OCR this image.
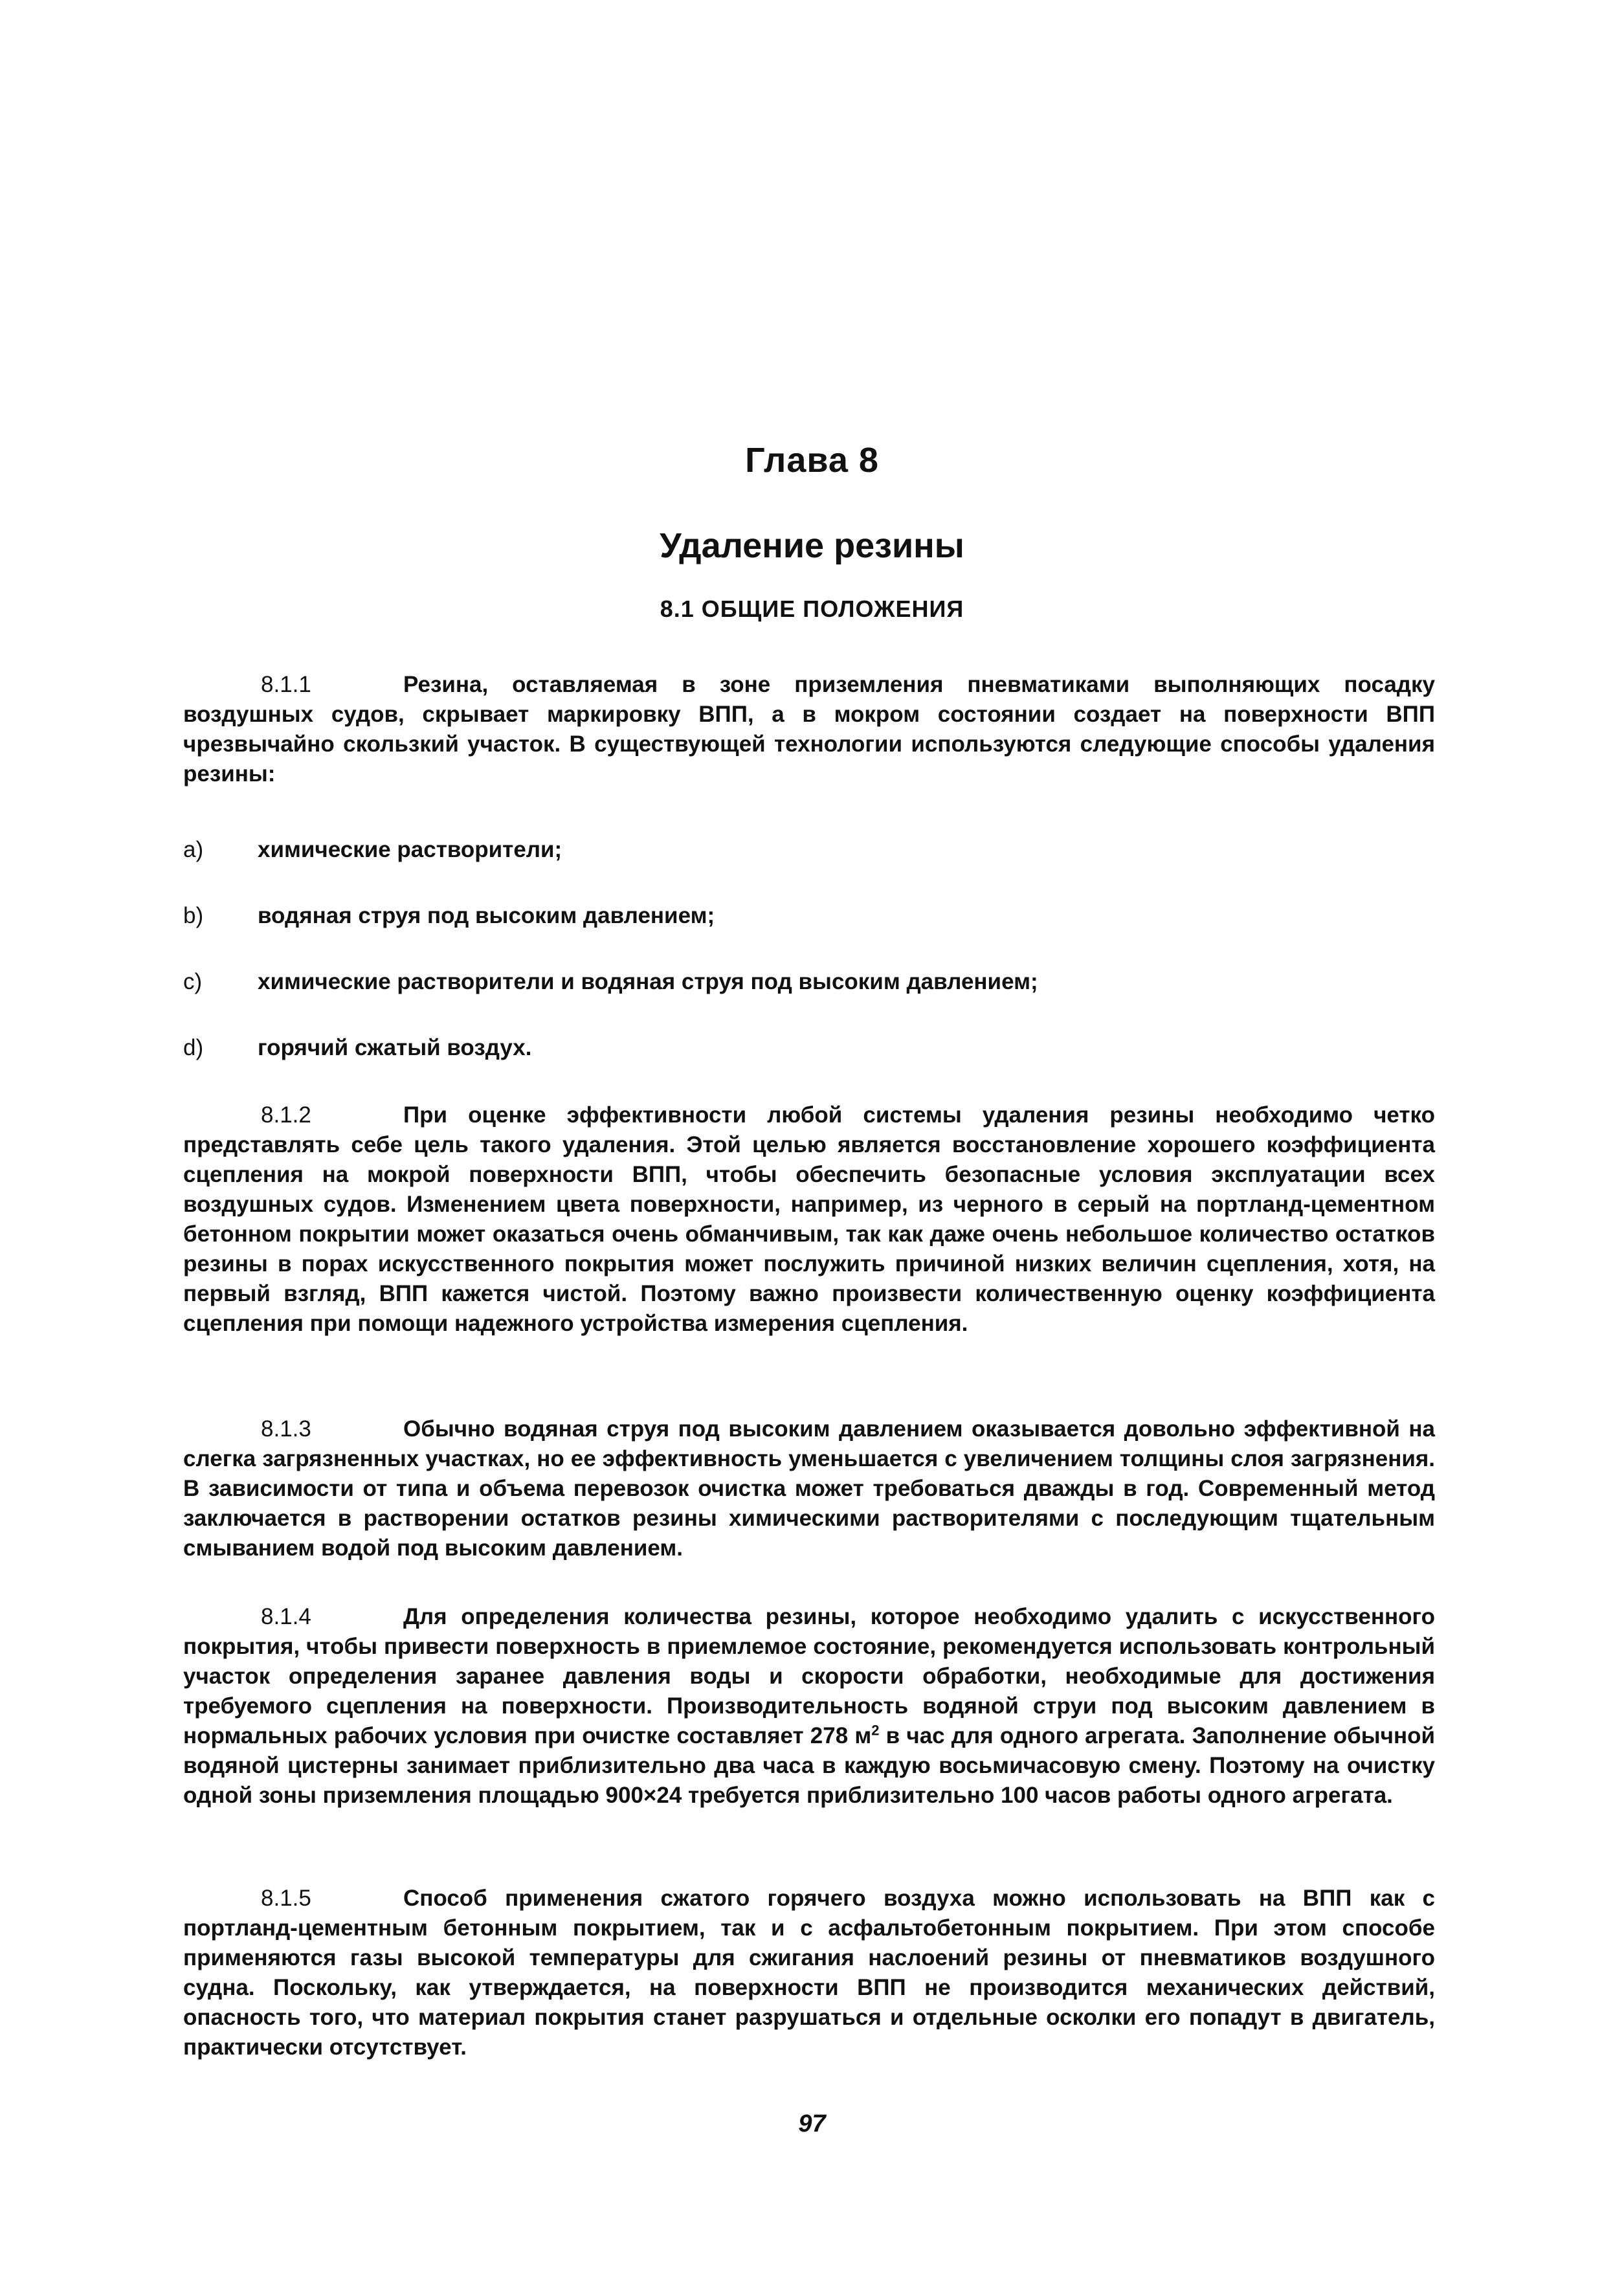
Глава 8
Удаление резины
8.1 ОБЩИЕ ПОЛОЖЕНИЯ
8.1.1	Резина, оставляемая в зоне приземления пневматиками выполняющих посадку воздушных судов, скрывает маркировку ВПП, а в мокром состоянии создает на поверхности ВПП чрезвычайно скользкий участок. В существующей технологии используются следующие способы удаления резины:
a) химические растворители;
b) водяная струя под высоким давлением;
c) химические растворители и водяная струя под высоким давлением;
d) горячий сжатый воздух.
8.1.2	При оценке эффективности любой системы удаления резины необходимо четко представлять себе цель такого удаления. Этой целью является восстановление хорошего коэффициента сцепления на мокрой поверхности ВПП, чтобы обеспечить безопасные условия эксплуатации всех воздушных судов. Изменением цвета поверхности, например, из черного в серый на портланд-цементном бетонном покрытии может оказаться очень обманчивым, так как даже очень небольшое количество остатков резины в порах искусственного покрытия может послужить причиной низких величин сцепления, хотя, на первый взгляд, ВПП кажется чистой. Поэтому важно произвести количественную оценку коэффициента сцепления при помощи надежного устройства измерения сцепления.
8.1.3	Обычно водяная струя под высоким давлением оказывается довольно эффективной на слегка загрязненных участках, но ее эффективность уменьшается с увеличением толщины слоя загрязнения. В зависимости от типа и объема перевозок очистка может требоваться дважды в год. Современный метод заключается в растворении остатков резины химическими растворителями с последующим тщательным смыванием водой под высоким давлением.
8.1.4	Для определения количества резины, которое необходимо удалить с искусственного покрытия, чтобы привести поверхность в приемлемое состояние, рекомендуется использовать контрольный участок определения заранее давления воды и скорости обработки, необходимые для достижения требуемого сцепления на поверхности. Производительность водяной струи под высоким давлением в нормальных рабочих условия при очистке составляет 278 $м^2$ в час для одного агрегата. Заполнение обычной водяной цистерны занимает приблизительно два часа в каждую восьмичасовую смену. Поэтому на очистку одной зоны приземления площадью 900×24 требуется приблизительно 100 часов работы одного агрегата.
8.1.5	Способ применения сжатого горячего воздуха можно использовать на ВПП как с портланд-цементным бетонным покрытием, так и с асфальтобетонным покрытием. При этом способе применяются газы высокой температуры для сжигания наслоений резины от пневматиков воздушного судна. Поскольку, как утверждается, на поверхности ВПП не производится механических действий, опасность того, что материал покрытия станет разрушаться и отдельные осколки его попадут в двигатель, практически отсутствует.
97
